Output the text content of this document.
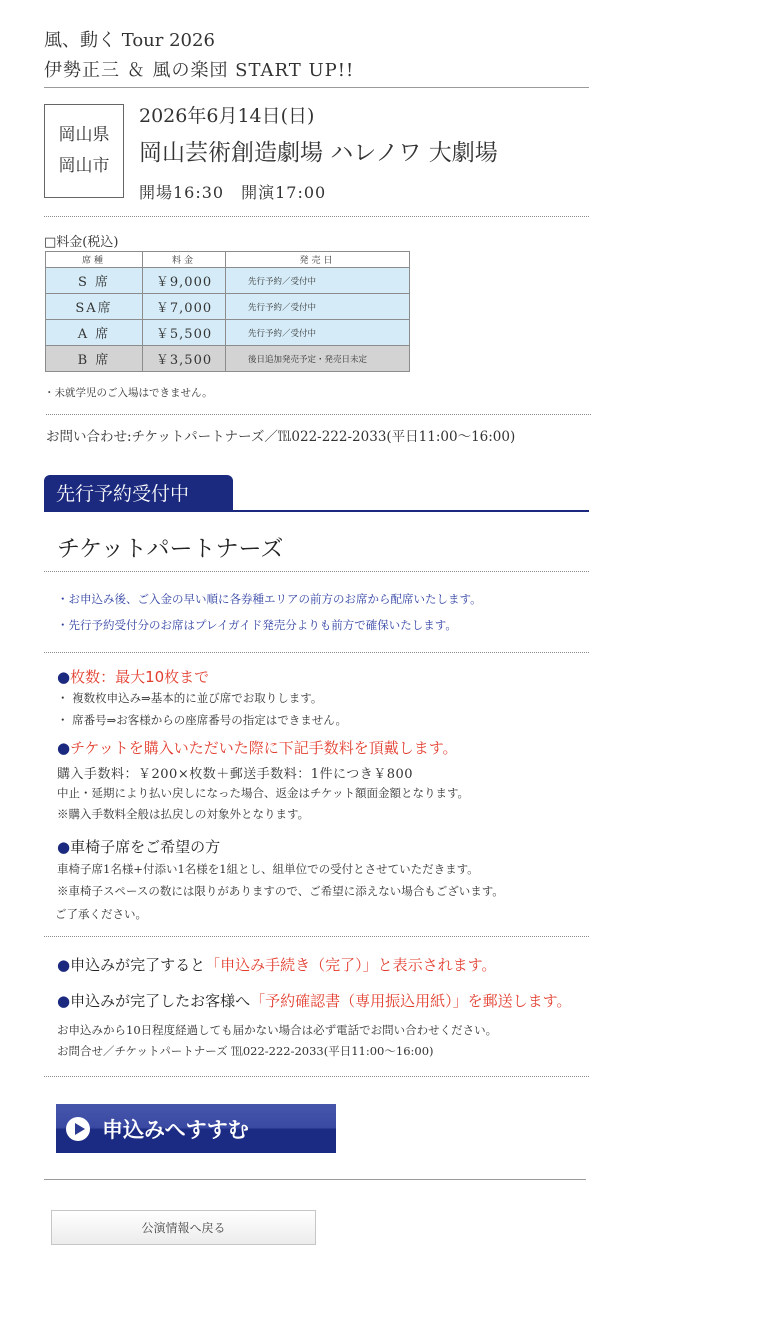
風、動く Tour 2026
伊勢正三 ＆ 風の楽団 START UP!!
岡山県
岡山市
2026年6月14日(日)
岡山芸術創造劇場 ハレノワ 大劇場
開場16:30　開演17:00
□料金(税込)
席種	料金	発売日
S 席	￥9,000	先行予約／受付中
SA席	￥7,000	先行予約／受付中
A 席	￥5,500	先行予約／受付中
B 席	￥3,500	後日追加発売予定・発売日未定
・未就学児のご入場はできません。
お問い合わせ:チケットパートナーズ／℡022-222-2033(平日11:00〜16:00)
先行予約受付中
チケットパートナーズ
・お申込み後、ご入金の早い順に各券種エリアの前方のお席から配席いたします。
・先行予約受付分のお席はプレイガイド発売分よりも前方で確保いたします。
●枚数：最大10枚まで
・ 複数枚申込み⇒基本的に並び席でお取りします。
・ 席番号⇒お客様からの座席番号の指定はできません。
●チケットを購入いただいた際に下記手数料を頂戴します。
購入手数料：￥200×枚数＋郵送手数料：1件につき￥800
中止・延期により払い戻しになった場合、返金はチケット額面金額となります。
※購入手数料全般は払戻しの対象外となります。
●車椅子席をご希望の方
車椅子席1名様+付添い1名様を1組とし、組単位での受付とさせていただきます。
※車椅子スペースの数には限りがありますので、ご希望に添えない場合もございます。
ご了承ください。
●申込みが完了すると「申込み手続き（完了）」と表示されます。
●申込みが完了したお客様へ「予約確認書（専用振込用紙）」を郵送します。
お申込みから10日程度経過しても届かない場合は必ず電話でお問い合わせください。
お問合せ／チケットパートナーズ ℡022-222-2033(平日11:00〜16:00)
申込みへすすむ
公演情報へ戻る
